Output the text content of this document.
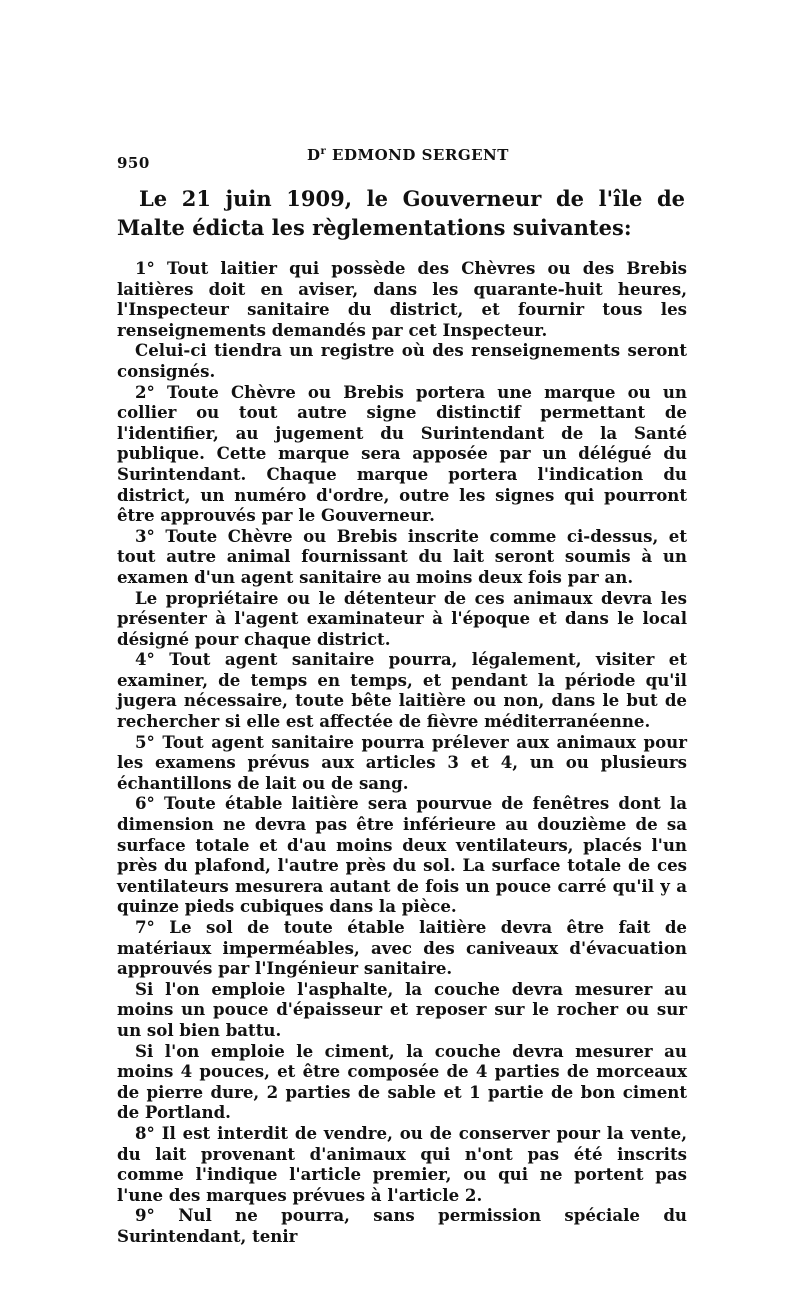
950	$D^r$ EDMOND SERGENT

Le 21 juin 1909, le Gouverneur de l'île de Malte édicta les règlementations suivantes:

1° Tout laitier qui possède des Chèvres ou des Brebis laitières doit en aviser, dans les quarante-huit heures, l'Inspecteur sanitaire du district, et fournir tous les renseignements demandés par cet Inspecteur.

Celui-ci tiendra un registre où des renseignements seront consignés.

2° Toute Chèvre ou Brebis portera une marque ou un collier ou tout autre signe distinctif permettant de l'identifier, au jugement du Surintendant de la Santé publique. Cette marque sera apposée par un délégué du Surintendant. Chaque marque portera l'indication du district, un numéro d'ordre, outre les signes qui pourront être approuvés par le Gouverneur.

3° Toute Chèvre ou Brebis inscrite comme ci-dessus, et tout autre animal fournissant du lait seront soumis à un examen d'un agent sanitaire au moins deux fois par an.

Le propriétaire ou le détenteur de ces animaux devra les présenter à l'agent examinateur à l'époque et dans le local désigné pour chaque district.

4° Tout agent sanitaire pourra, légalement, visiter et examiner, de temps en temps, et pendant la période qu'il jugera nécessaire, toute bête laitière ou non, dans le but de rechercher si elle est affectée de fièvre méditerranéenne.

5° Tout agent sanitaire pourra prélever aux animaux pour les examens prévus aux articles 3 et 4, un ou plusieurs échantillons de lait ou de sang.

6° Toute étable laitière sera pourvue de fenêtres dont la dimension ne devra pas être inférieure au douzième de sa surface totale et d'au moins deux ventilateurs, placés l'un près du plafond, l'autre près du sol. La surface totale de ces ventilateurs mesurera autant de fois un pouce carré qu'il y a quinze pieds cubiques dans la pièce.

7° Le sol de toute étable laitière devra être fait de matériaux imperméables, avec des caniveaux d'évacuation approuvés par l'Ingénieur sanitaire.

Si l'on emploie l'asphalte, la couche devra mesurer au moins un pouce d'épaisseur et reposer sur le rocher ou sur un sol bien battu.

Si l'on emploie le ciment, la couche devra mesurer au moins 4 pouces, et être composée de 4 parties de morceaux de pierre dure, 2 parties de sable et 1 partie de bon ciment de Portland.

8° Il est interdit de vendre, ou de conserver pour la vente, du lait provenant d'animaux qui n'ont pas été inscrits comme l'indique l'article premier, ou qui ne portent pas l'une des marques prévues à l'article 2.

9° Nul ne pourra, sans permission spéciale du Surintendant, tenir
